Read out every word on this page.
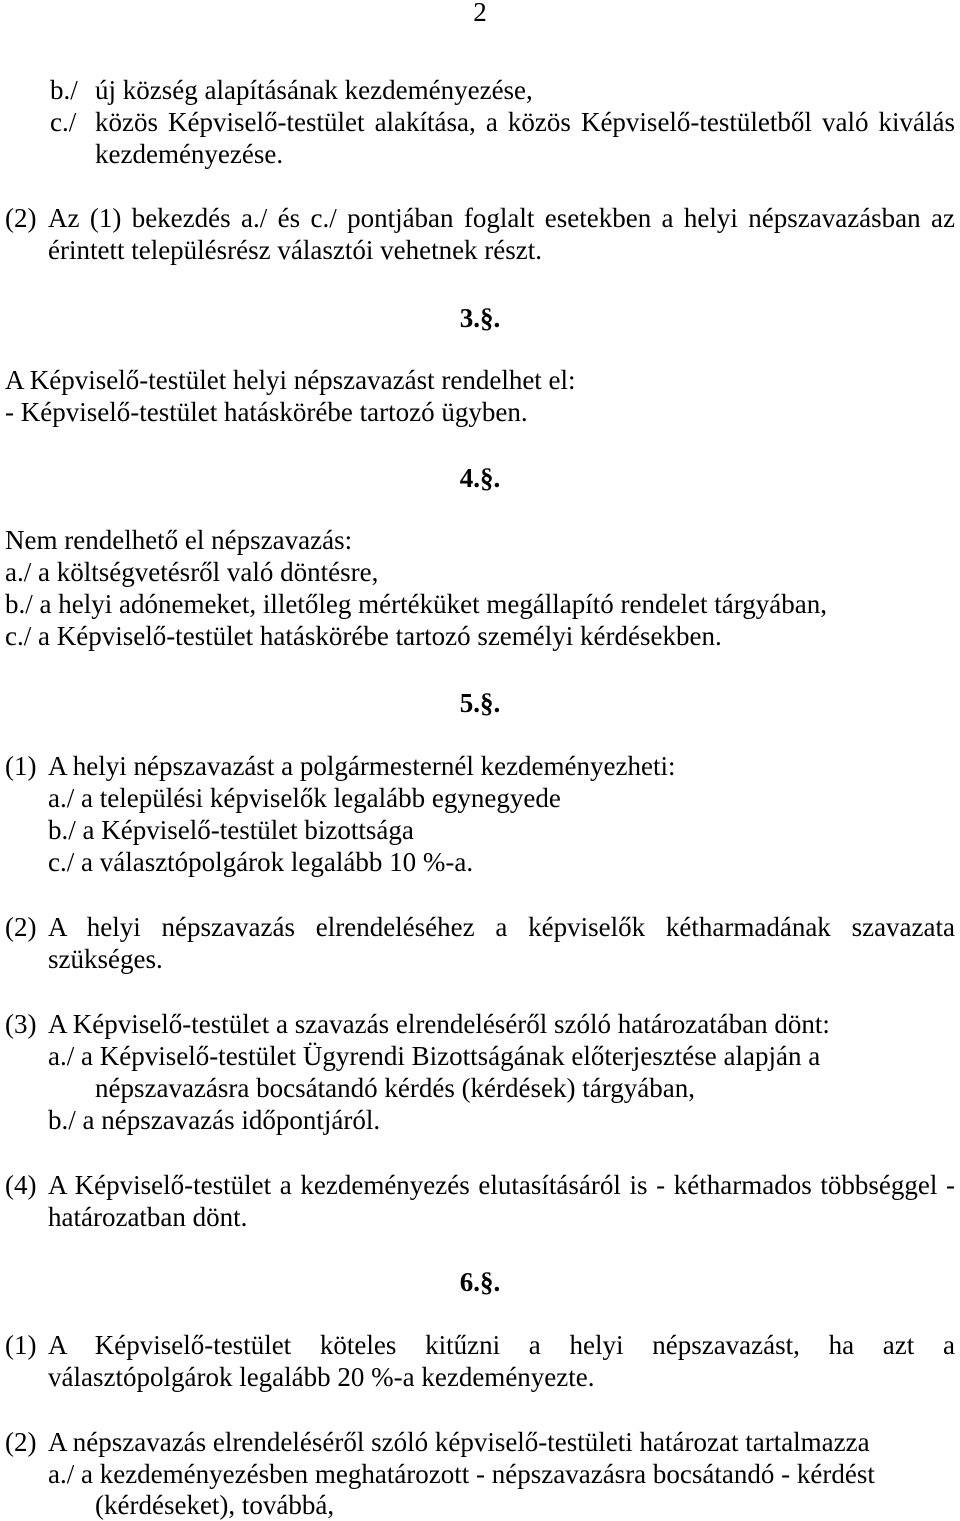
2
b./ új község alapításának kezdeményezése,
c./ közös Képviselő-testület alakítása, a közös Képviselő-testületből való kiválás
kezdeményezése.
(2) Az (1) bekezdés a./ és c./ pontjában foglalt esetekben a helyi népszavazásban az
érintett településrész választói vehetnek részt.
3.§.
A Képviselő-testület helyi népszavazást rendelhet el:
- Képviselő-testület hatáskörébe tartozó ügyben.
4.§.
Nem rendelhető el népszavazás:
a./ a költségvetésről való döntésre,
b./ a helyi adónemeket, illetőleg mértéküket megállapító rendelet tárgyában,
c./ a Képviselő-testület hatáskörébe tartozó személyi kérdésekben.
5.§.
(1) A helyi népszavazást a polgármesternél kezdeményezheti:
a./ a települési képviselők legalább egynegyede
b./ a Képviselő-testület bizottsága
c./ a választópolgárok legalább 10 %-a.
(2) A helyi népszavazás elrendeléséhez a képviselők kétharmadának szavazata
szükséges.
(3) A Képviselő-testület a szavazás elrendeléséről szóló határozatában dönt:
a./ a Képviselő-testület Ügyrendi Bizottságának előterjesztése alapján a
népszavazásra bocsátandó kérdés (kérdések) tárgyában,
b./ a népszavazás időpontjáról.
(4) A Képviselő-testület a kezdeményezés elutasításáról is - kétharmados többséggel -
határozatban dönt.
6.§.
(1) A Képviselő-testület köteles kitűzni a helyi népszavazást, ha azt a
választópolgárok legalább 20 %-a kezdeményezte.
(2) A népszavazás elrendeléséről szóló képviselő-testületi határozat tartalmazza
a./ a kezdeményezésben meghatározott - népszavazásra bocsátandó - kérdést
(kérdéseket), továbbá,
